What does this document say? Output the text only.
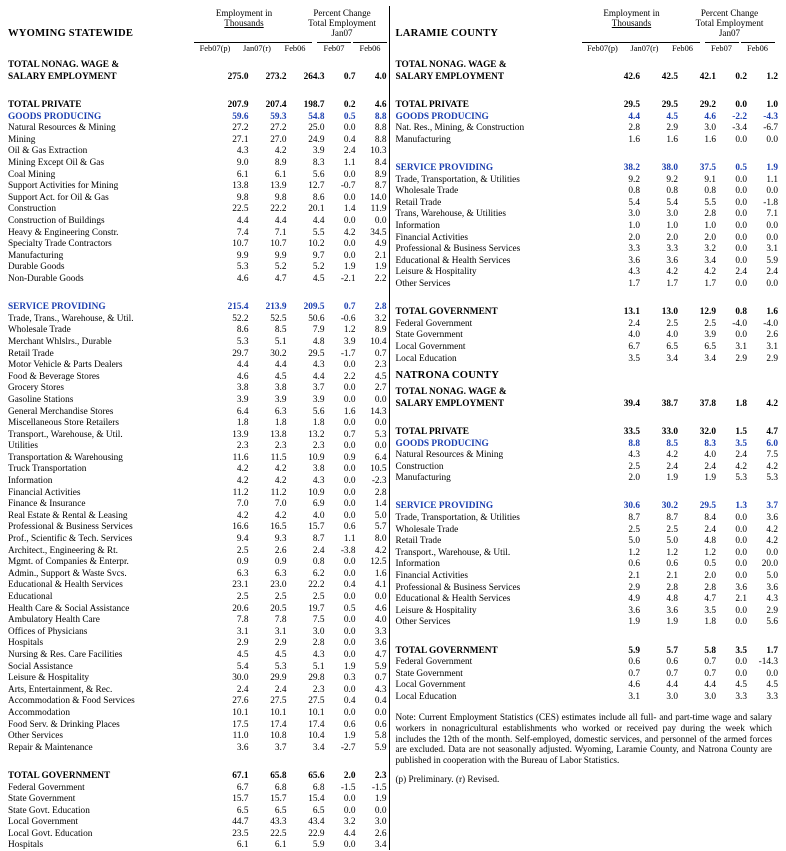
WYOMING STATEWIDE
Employment in
Thousands
Percent Change
Total Employment
Jan07
Feb07(p)	Jan07(r)	Feb06	Feb07	Feb06

TOTAL NONAG. WAGE &					
SALARY EMPLOYMENT	275.0	273.2	264.3	0.7	4.0

TOTAL PRIVATE	207.9	207.4	198.7	0.2	4.6
GOODS PRODUCING	59.6	59.3	54.8	0.5	8.8
Natural Resources & Mining	27.2	27.2	25.0	0.0	8.8
Mining	27.1	27.0	24.9	0.4	8.8
Oil & Gas Extraction	4.3	4.2	3.9	2.4	10.3
Mining Except Oil & Gas	9.0	8.9	8.3	1.1	8.4
Coal Mining	6.1	6.1	5.6	0.0	8.9
Support Activities for Mining	13.8	13.9	12.7	-0.7	8.7
Support Act. for Oil & Gas	9.8	9.8	8.6	0.0	14.0
Construction	22.5	22.2	20.1	1.4	11.9
Construction of Buildings	4.4	4.4	4.4	0.0	0.0
Heavy & Engineering Constr.	7.4	7.1	5.5	4.2	34.5
Specialty Trade Contractors	10.7	10.7	10.2	0.0	4.9
Manufacturing	9.9	9.9	9.7	0.0	2.1
Durable Goods	5.3	5.2	5.2	1.9	1.9
Non-Durable Goods	4.6	4.7	4.5	-2.1	2.2

SERVICE PROVIDING	215.4	213.9	209.5	0.7	2.8
Trade, Trans., Warehouse, & Util.	52.2	52.5	50.6	-0.6	3.2
Wholesale Trade	8.6	8.5	7.9	1.2	8.9
Merchant Whlslrs., Durable	5.3	5.1	4.8	3.9	10.4
Retail Trade	29.7	30.2	29.5	-1.7	0.7
Motor Vehicle & Parts Dealers	4.4	4.4	4.3	0.0	2.3
Food & Beverage Stores	4.6	4.5	4.4	2.2	4.5
Grocery Stores	3.8	3.8	3.7	0.0	2.7
Gasoline Stations	3.9	3.9	3.9	0.0	0.0
General Merchandise Stores	6.4	6.3	5.6	1.6	14.3
Miscellaneous Store Retailers	1.8	1.8	1.8	0.0	0.0
Transport., Warehouse, & Util.	13.9	13.8	13.2	0.7	5.3
Utilities	2.3	2.3	2.3	0.0	0.0
Transportation & Warehousing	11.6	11.5	10.9	0.9	6.4
Truck Transportation	4.2	4.2	3.8	0.0	10.5
Information	4.2	4.2	4.3	0.0	-2.3
Financial Activities	11.2	11.2	10.9	0.0	2.8
Finance & Insurance	7.0	7.0	6.9	0.0	1.4
Real Estate & Rental & Leasing	4.2	4.2	4.0	0.0	5.0
Professional & Business Services	16.6	16.5	15.7	0.6	5.7
Prof., Scientific & Tech. Services	9.4	9.3	8.7	1.1	8.0
Architect., Engineering & Rt.	2.5	2.6	2.4	-3.8	4.2
Mgmt. of Companies & Enterpr.	0.9	0.9	0.8	0.0	12.5
Admin., Support & Waste Svcs.	6.3	6.3	6.2	0.0	1.6
Educational & Health Services	23.1	23.0	22.2	0.4	4.1
Educational	2.5	2.5	2.5	0.0	0.0
Health Care & Social Assistance	20.6	20.5	19.7	0.5	4.6
Ambulatory Health Care	7.8	7.8	7.5	0.0	4.0
Offices of Physicians	3.1	3.1	3.0	0.0	3.3
Hospitals	2.9	2.9	2.8	0.0	3.6
Nursing & Res. Care Facilities	4.5	4.5	4.3	0.0	4.7
Social Assistance	5.4	5.3	5.1	1.9	5.9
Leisure & Hospitality	30.0	29.9	29.8	0.3	0.7
Arts, Entertainment, & Rec.	2.4	2.4	2.3	0.0	4.3
Accommodation & Food Services	27.6	27.5	27.5	0.4	0.4
Accommodation	10.1	10.1	10.1	0.0	0.0
Food Serv. & Drinking Places	17.5	17.4	17.4	0.6	0.6
Other Services	11.0	10.8	10.4	1.9	5.8
Repair & Maintenance	3.6	3.7	3.4	-2.7	5.9

TOTAL GOVERNMENT	67.1	65.8	65.6	2.0	2.3
Federal Government	6.7	6.8	6.8	-1.5	-1.5
State Government	15.7	15.7	15.4	0.0	1.9
State Govt. Education	6.5	6.5	6.5	0.0	0.0
Local Government	44.7	43.3	43.4	3.2	3.0
Local Govt. Education	23.5	22.5	22.9	4.4	2.6
Hospitals	6.1	6.1	5.9	0.0	3.4
LARAMIE COUNTY
Employment in
Thousands
Percent Change
Total Employment
Jan07
Feb07(p)	Jan07(r)	Feb06	Feb07	Feb06

TOTAL NONAG. WAGE &					
SALARY EMPLOYMENT	42.6	42.5	42.1	0.2	1.2

TOTAL PRIVATE	29.5	29.5	29.2	0.0	1.0
GOODS PRODUCING	4.4	4.5	4.6	-2.2	-4.3
Nat. Res., Mining, & Construction	2.8	2.9	3.0	-3.4	-6.7
Manufacturing	1.6	1.6	1.6	0.0	0.0

SERVICE PROVIDING	38.2	38.0	37.5	0.5	1.9
Trade, Transportation, & Utilities	9.2	9.2	9.1	0.0	1.1
Wholesale Trade	0.8	0.8	0.8	0.0	0.0
Retail Trade	5.4	5.4	5.5	0.0	-1.8
Trans, Warehouse, & Utilities	3.0	3.0	2.8	0.0	7.1
Information	1.0	1.0	1.0	0.0	0.0
Financial Activities	2.0	2.0	2.0	0.0	0.0
Professional & Business Services	3.3	3.3	3.2	0.0	3.1
Educational & Health Services	3.6	3.6	3.4	0.0	5.9
Leisure & Hospitality	4.3	4.2	4.2	2.4	2.4
Other Services	1.7	1.7	1.7	0.0	0.0

TOTAL GOVERNMENT	13.1	13.0	12.9	0.8	1.6
Federal Government	2.4	2.5	2.5	-4.0	-4.0
State Government	4.0	4.0	3.9	0.0	2.6
Local Government	6.7	6.5	6.5	3.1	3.1
Local Education	3.5	3.4	3.4	2.9	2.9
NATRONA COUNTY

TOTAL NONAG. WAGE &					
SALARY EMPLOYMENT	39.4	38.7	37.8	1.8	4.2

TOTAL PRIVATE	33.5	33.0	32.0	1.5	4.7
GOODS PRODUCING	8.8	8.5	8.3	3.5	6.0
Natural Resources & Mining	4.3	4.2	4.0	2.4	7.5
Construction	2.5	2.4	2.4	4.2	4.2
Manufacturing	2.0	1.9	1.9	5.3	5.3

SERVICE PROVIDING	30.6	30.2	29.5	1.3	3.7
Trade, Transportation, & Utilities	8.7	8.7	8.4	0.0	3.6
Wholesale Trade	2.5	2.5	2.4	0.0	4.2
Retail Trade	5.0	5.0	4.8	0.0	4.2
Transport., Warehouse, & Util.	1.2	1.2	1.2	0.0	0.0
Information	0.6	0.6	0.5	0.0	20.0
Financial Activities	2.1	2.1	2.0	0.0	5.0
Professional & Business Services	2.9	2.8	2.8	3.6	3.6
Educational & Health Services	4.9	4.8	4.7	2.1	4.3
Leisure & Hospitality	3.6	3.6	3.5	0.0	2.9
Other Services	1.9	1.9	1.8	0.0	5.6

TOTAL GOVERNMENT	5.9	5.7	5.8	3.5	1.7
Federal Government	0.6	0.6	0.7	0.0	-14.3
State Government	0.7	0.7	0.7	0.0	0.0
Local Government	4.6	4.4	4.4	4.5	4.5
Local Education	3.1	3.0	3.0	3.3	3.3

Note: Current Employment Statistics (CES) estimates include all full- and part-time wage and salary workers in nonagricultural establishments who worked or received pay during the week which includes the 12th of the month. Self-employed, domestic services, and personnel of the armed forces are excluded. Data are not seasonally adjusted. Wyoming, Laramie County, and Natrona County are published in cooperation with the Bureau of Labor Statistics.

(p) Preliminary. (r) Revised.
